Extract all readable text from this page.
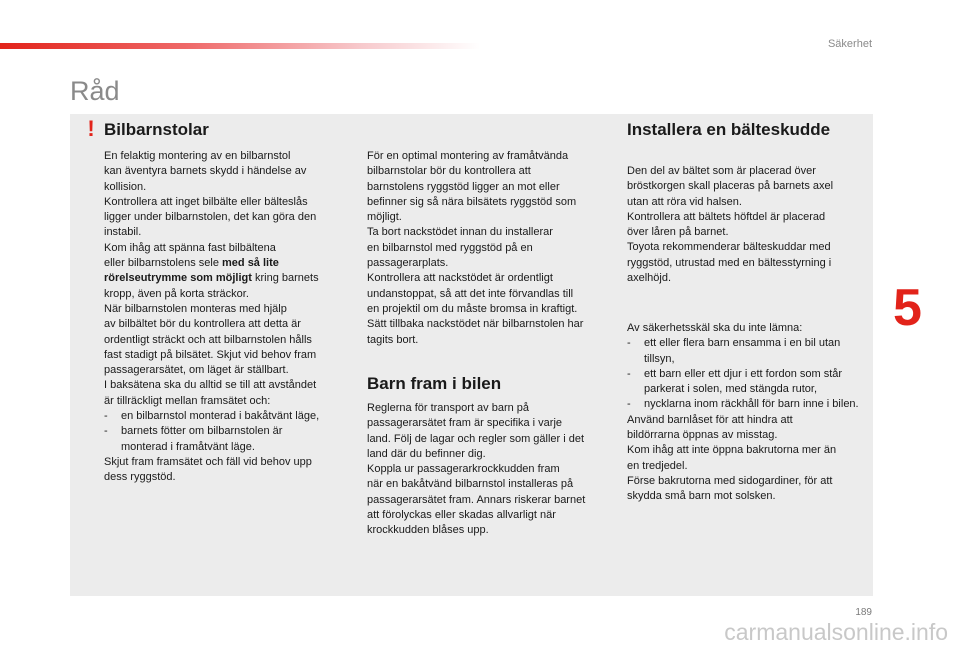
Säkerhet
Råd
! Bilbarnstolar

En felaktig montering av en bilbarnstol

kan äventyra barnets skydd i händelse av

kollision.

Kontrollera att inget bilbälte eller bälteslås

ligger under bilbarnstolen, det kan göra den

instabil.

Kom ihåg att spänna fast bilbältena

eller bilbarnstolens sele med så lite

rörelseutrymme som möjligt kring barnets

kropp, även på korta sträckor.

När bilbarnstolen monteras med hjälp

av bilbältet bör du kontrollera att detta är

ordentligt sträckt och att bilbarnstolen hålls

fast stadigt på bilsätet. Skjut vid behov fram

passagerarsätet, om läget är ställbart.

I baksätena ska du alltid se till att avståndet

är tillräckligt mellan framsätet och:

- en bilbarnstol monterad i bakåtvänt läge,
- barnets fötter om bilbarnstolen är monterad i framåtvänt läge.

Skjut fram framsätet och fäll vid behov upp

dess ryggstöd.

För en optimal montering av framåtvända

bilbarnstolar bör du kontrollera att

barnstolens ryggstöd ligger an mot eller

befinner sig så nära bilsätets ryggstöd som

möjligt.

Ta bort nackstödet innan du installerar

en bilbarnstol med ryggstöd på en

passagerarplats.

Kontrollera att nackstödet är ordentligt

undanstoppat, så att det inte förvandlas till

en projektil om du måste bromsa in kraftigt.

Sätt tillbaka nackstödet när bilbarnstolen har

tagits bort.

Barn fram i bilen

Reglerna för transport av barn på

passagerarsätet fram är specifika i varje

land. Följ de lagar och regler som gäller i det

land där du befinner dig.

Koppla ur passagerarkrockkudden fram

när en bakåtvänd bilbarnstol installeras på

passagerarsätet fram. Annars riskerar barnet

att förolyckas eller skadas allvarligt när

krockkudden blåses upp.

Installera en bälteskudde

Den del av bältet som är placerad över

bröstkorgen skall placeras på barnets axel

utan att röra vid halsen.

Kontrollera att bältets höftdel är placerad

över låren på barnet.

Toyota rekommenderar bälteskuddar med

ryggstöd, utrustad med en bältesstyrning i

axelhöjd.

Av säkerhetsskäl ska du inte lämna:

- ett eller flera barn ensamma i en bil utan tillsyn,
- ett barn eller ett djur i ett fordon som står parkerat i solen, med stängda rutor,
- nycklarna inom räckhåll för barn inne i bilen.

Använd barnlåset för att hindra att

bildörrarna öppnas av misstag.

Kom ihåg att inte öppna bakrutorna mer än

en tredjedel.

Förse bakrutorna med sidogardiner, för att

skydda små barn mot solsken.

5
189
carmanualsonline.info
